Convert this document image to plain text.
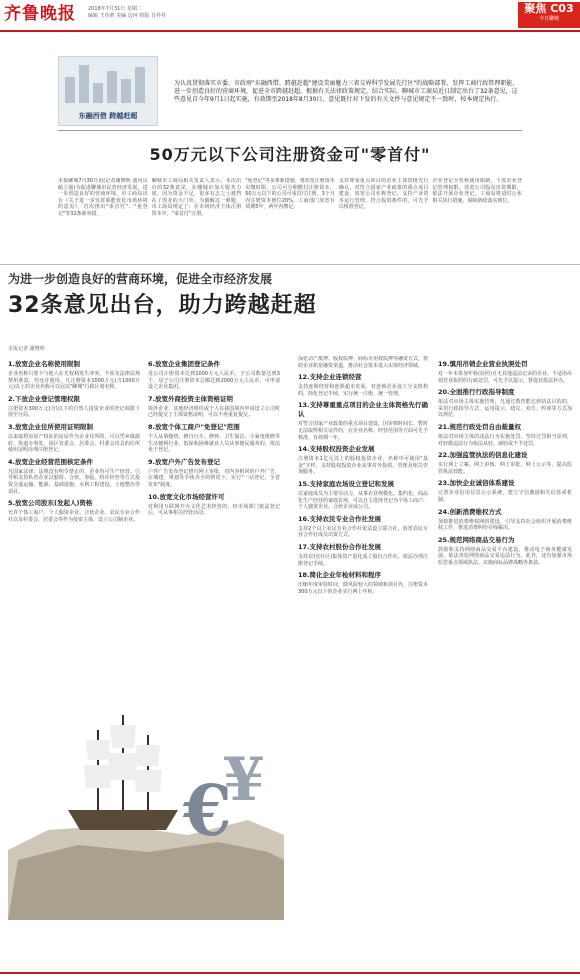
齐鲁晚报 2018年7月31日 星期二
编辑 王伟胜 美编 边珂 组版 肖祥祥
聚焦 C03
今日聊城
东融西借 跨越赶超
为认真贯彻落实市委、市政府"东融西借、跨越赶超"建设美丽魅力三省交界科学发展先行区"的战略部署，发挥工商行政管理职能，进一步创造良好的营商环境，促进全市跨越赶超，根据有关法律政策规定，结合实际，聊城市工商局近日制定出台了32条意见，这些意见自今年9月1日起实施，有效期至2018年8月30日，意见既针对下发的有关文件与意见规定不一致时，按本规定执行。
50万元以下公司注册资金可"零首付"
本报聊城7月30日讯(记者谢晓明 通讯员 蔺立强)为促进聊城市民营经济发展，进一步创造良好的营商环境，市工商局出台《关于进一步发挥职能优化市场环境的意见》，首次推出"零首付"、"免登记"等32条新举措。
聊城市工商局相关负责人表示，本次出台的32条意见，在哪城市加大服务力度。因为资金不足，很多有志之士被挡在了创业的大门外。为破解这一难题，市工商局规定了：在市场经济主体注册资本中，"零首付"注册。
"免登记"等多条新措施。将放宽注册资本实缴时限，公司可分期缴付注册资本，50万元以下的公司可零首付注册，3个月内注册资本到位20%，工商部门放宽有效期5年，两年内缴足。
支持尊重重点项目的企业主体资格先行确认，对符合国家产业政策的重点项目建设，放宽公司名称登记、支持产业资本运行管理，符合投资条件的，可先予以核准登记。
企业登记全名称使用限制，下放企业登记管理权限，放宽公司股东出资期限，依法开展企业登记。工商局将适时公布相关执行措施，保障新政落实到位。
为进一步创造良好的营商环境，促进全市经济发展
32条意见出台，助力跨越赶超
本报记者 谢晓明
1.放宽企业名称使用限制
企业名称只要不与他人在先权利发生冲突，不涉及法律法规禁用条款，均允许使用。凡注册资本1000万元(含1000万元)以上的企业名称可以冠以"聊城"行政区划名称。
2.下放企业登记管理权限
注册资本300万元(含)以下的自然人投资企业的登记权限下放至分局。
3.放宽企业住所使用证明限制
以来取得房屋产权证的房屋作为企业住所的，可以凭乡镇政府、街道办事处、园区管委会、居委会、村委会出具的住所使用证明办理注册登记。
4.放宽企业经营范围核定条件
凡国家法律、法规没有明令禁止的，企业均可生产经营。引导和支持私营企业以独资、合伙、参股、特许经营等方式投资交通运输、能源、基础设施、水利工程建设、土地整治等项目。
5.放宽公司股东(发起人)资格
允许个体工商户、个人独资企业、合伙企业、农民专业合作社以及村委会、居委会等作为投资主体，设立公司制企业。
6.放宽企业集团登记条件
母公司注册资本达到1000万元人民币，子公司数量达到3个，母子公司注册资本总额达到2000万元人民币，可申请设立企业集团。
7.放宽外商投资主体资格证明
境外企业、其他经济组织或个人在我国境内申请设立公司时已经提交了主体资格证明，可以不再重复提交。
8.放宽个体工商户"免登记"范围
个人从事缝纫、修自行车、修钟、卫生保洁、小家电维修等生活便利行业，低保和困难就业人员从事便民服务的，依法免于登记。
9.放宽户外广告发布登记
户外广告发布登记推行网上审批，对内容相同的户外广告，在城建、规划等手续齐全的情况下，实行"一站登记，全省发布"制度。
10.放宽文化市场经营许可
对利用互联网开办文化艺术经营的，经市场部门依法登记后，可从事相关经营活动。
深化动产抵押、股权质押、商标专用权质押等融资方式，帮助企业拓宽融资渠道，推动社会资本进入实体经济领域。
12.支持企业连锁经营
支持连锁经营和连锁超市发展，对连锁企业设立分支机构的，简化登记手续，实行统一注册、统一管理。
13.支持尊重重点项目的企业主体资格先行确认
对符合国家产业政策的重点项目建设，因审核时间长、暂时无法取得相关证件的，在企业名称、经营范围等方面可先予核准，有效期一年。
14.支持股权投资企业发展
注册资本1亿元以上的股权投资企业，名称中可使用"基金"字样，支持股权投资企业从事对外投资、管理及相关咨询服务。
15.支持家庭农场设立登记和发展
以家庭成员为主要劳动力，从事农业规模化、集约化、商品化生产经营的家庭农场，可以自主选择登记为个体工商户、个人独资企业、合伙企业或公司。
16.支持农民专业合作社发展
支持2个以上农民专业合作社依法设立联合社，放宽农民专业合作社成员出资方式。
17.支持农村股份合作社发展
支持农村(社区)集体资产量化成立股份合作社，依法办理注册登记手续。
18.简化企业年检材料和程序
压缩年度审验时间，除风险较大的领域和项目外，注册资本300万元以下的企业实行网上年检。
19.慎用吊销企业营业执照处罚
对一年未参加年检(验照)且无其他违法记录的企业，不适用吊销营业执照的行政处罚，可先予以提示，督促其依法补办。
20.全面推行行政指导制度
依法对市场主体实施管理，凡通过教育能达到执法目的的，采用行政指导方式，运用提示、建议、劝告、约谈等方式加以规范。
21.规范行政处罚自由裁量权
依法对市场主体的违法行为实施处罚，坚持过罚相当原则，对轻微违法行为依法从轻、减轻或不予处罚。
22.加强监管执法的信息化建设
实行网上立案、网上审核、网上审批、网上公示等，提高监管执法效能。
23.加快企业诚信体系建设
完善企业信用信息公示系统，建立守信激励和失信惩戒机制。
24.创新消费维权方式
加快推进消费维权网络建设，引导支持社会组织开展消费维权工作，推进消费纠纷在线解决。
25.规范网络商品交易行为
鼓励和支持网络商品交易平台建设，推动电子商务健康发展，依法查处网络商品交易违法行为。此外，还有加强市场监管重点领域执法、实施商标品牌战略等条款。
€
¥
